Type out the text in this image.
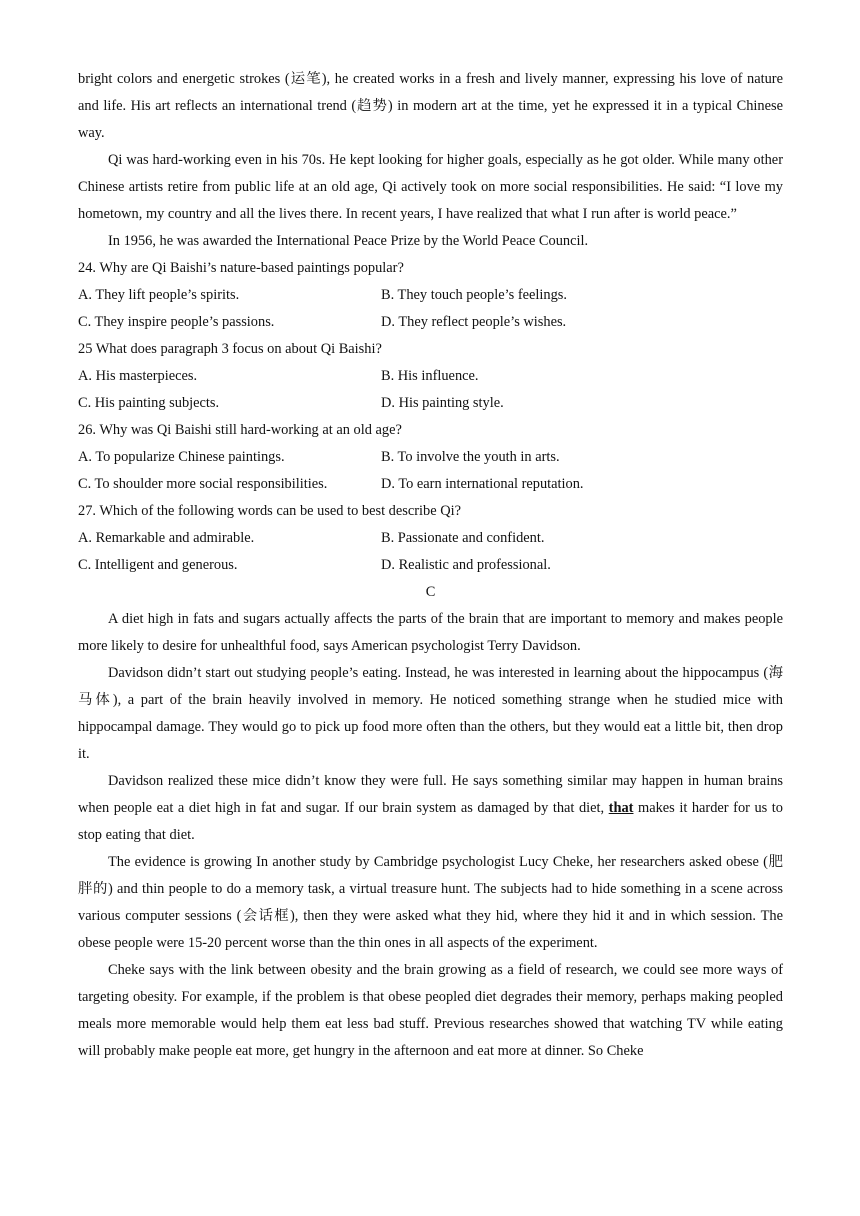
bright colors and energetic strokes (运笔), he created works in a fresh and lively manner, expressing his love of nature and life. His art reflects an international trend (趋势) in modern art at the time, yet he expressed it in a typical Chinese way.

Qi was hard-working even in his 70s. He kept looking for higher goals, especially as he got older. While many other Chinese artists retire from public life at an old age, Qi actively took on more social responsibilities. He said: “I love my hometown, my country and all the lives there. In recent years, I have realized that what I run after is world peace.”

In 1956, he was awarded the International Peace Prize by the World Peace Council.

24. Why are Qi Baishi’s nature-based paintings popular?

A. They lift people’s spirits.	B. They touch people’s feelings.
C. They inspire people’s passions.	D. They reflect people’s wishes.

25 What does paragraph 3 focus on about Qi Baishi?

A. His masterpieces.	B. His influence.
C. His painting subjects.	D. His painting style.

26. Why was Qi Baishi still hard-working at an old age?

A. To popularize Chinese paintings.	B. To involve the youth in arts.
C. To shoulder more social responsibilities.	D. To earn international reputation.

27. Which of the following words can be used to best describe Qi?

A. Remarkable and admirable.	B. Passionate and confident.
C. Intelligent and generous.	D. Realistic and professional.

C

A diet high in fats and sugars actually affects the parts of the brain that are important to memory and makes people more likely to desire for unhealthful food, says American psychologist Terry Davidson.

Davidson didn’t start out studying people’s eating. Instead, he was interested in learning about the hippocampus (海马体), a part of the brain heavily involved in memory. He noticed something strange when he studied mice with hippocampal damage. They would go to pick up food more often than the others, but they would eat a little bit, then drop it.

Davidson realized these mice didn’t know they were full. He says something similar may happen in human brains when people eat a diet high in fat and sugar. If our brain system as damaged by that diet, that makes it harder for us to stop eating that diet.

The evidence is growing In another study by Cambridge psychologist Lucy Cheke, her researchers asked obese (肥胖的) and thin people to do a memory task, a virtual treasure hunt. The subjects had to hide something in a scene across various computer sessions (会话框), then they were asked what they hid, where they hid it and in which session. The obese people were 15-20 percent worse than the thin ones in all aspects of the experiment.

Cheke says with the link between obesity and the brain growing as a field of research, we could see more ways of targeting obesity. For example, if the problem is that obese peopled diet degrades their memory, perhaps making peopled meals more memorable would help them eat less bad stuff. Previous researches showed that watching TV while eating will probably make people eat more, get hungry in the afternoon and eat more at dinner. So Cheke
